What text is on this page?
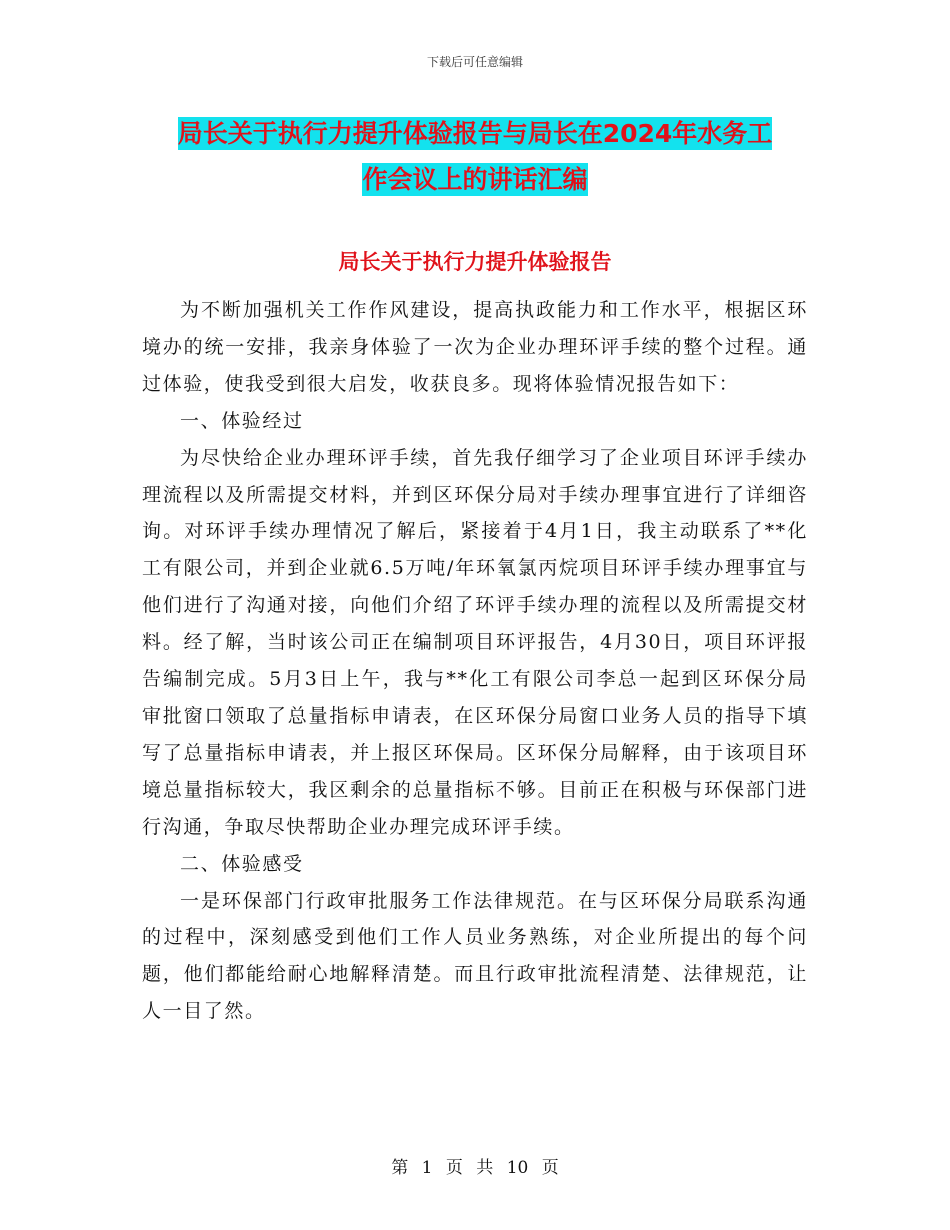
下载后可任意编辑
局长关于执行力提升体验报告与局长在2024年水务工
作会议上的讲话汇编
局长关于执行力提升体验报告

为不断加强机关工作作风建设，提高执政能力和工作水平，根据区环境办的统一安排，我亲身体验了一次为企业办理环评手续的整个过程。通过体验，使我受到很大启发，收获良多。现将体验情况报告如下：

一、体验经过

为尽快给企业办理环评手续，首先我仔细学习了企业项目环评手续办理流程以及所需提交材料，并到区环保分局对手续办理事宜进行了详细咨询。对环评手续办理情况了解后，紧接着于4月1日，我主动联系了**化工有限公司，并到企业就6.5万吨/年环氧氯丙烷项目环评手续办理事宜与他们进行了沟通对接，向他们介绍了环评手续办理的流程以及所需提交材料。经了解，当时该公司正在编制项目环评报告，4月30日，项目环评报告编制完成。5月3日上午，我与**化工有限公司李总一起到区环保分局审批窗口领取了总量指标申请表，在区环保分局窗口业务人员的指导下填写了总量指标申请表，并上报区环保局。区环保分局解释，由于该项目环境总量指标较大，我区剩余的总量指标不够。目前正在积极与环保部门进行沟通，争取尽快帮助企业办理完成环评手续。

二、体验感受

一是环保部门行政审批服务工作法律规范。在与区环保分局联系沟通的过程中，深刻感受到他们工作人员业务熟练，对企业所提出的每个问题，他们都能给耐心地解释清楚。而且行政审批流程清楚、法律规范，让人一目了然。

第 1 页 共 10 页
